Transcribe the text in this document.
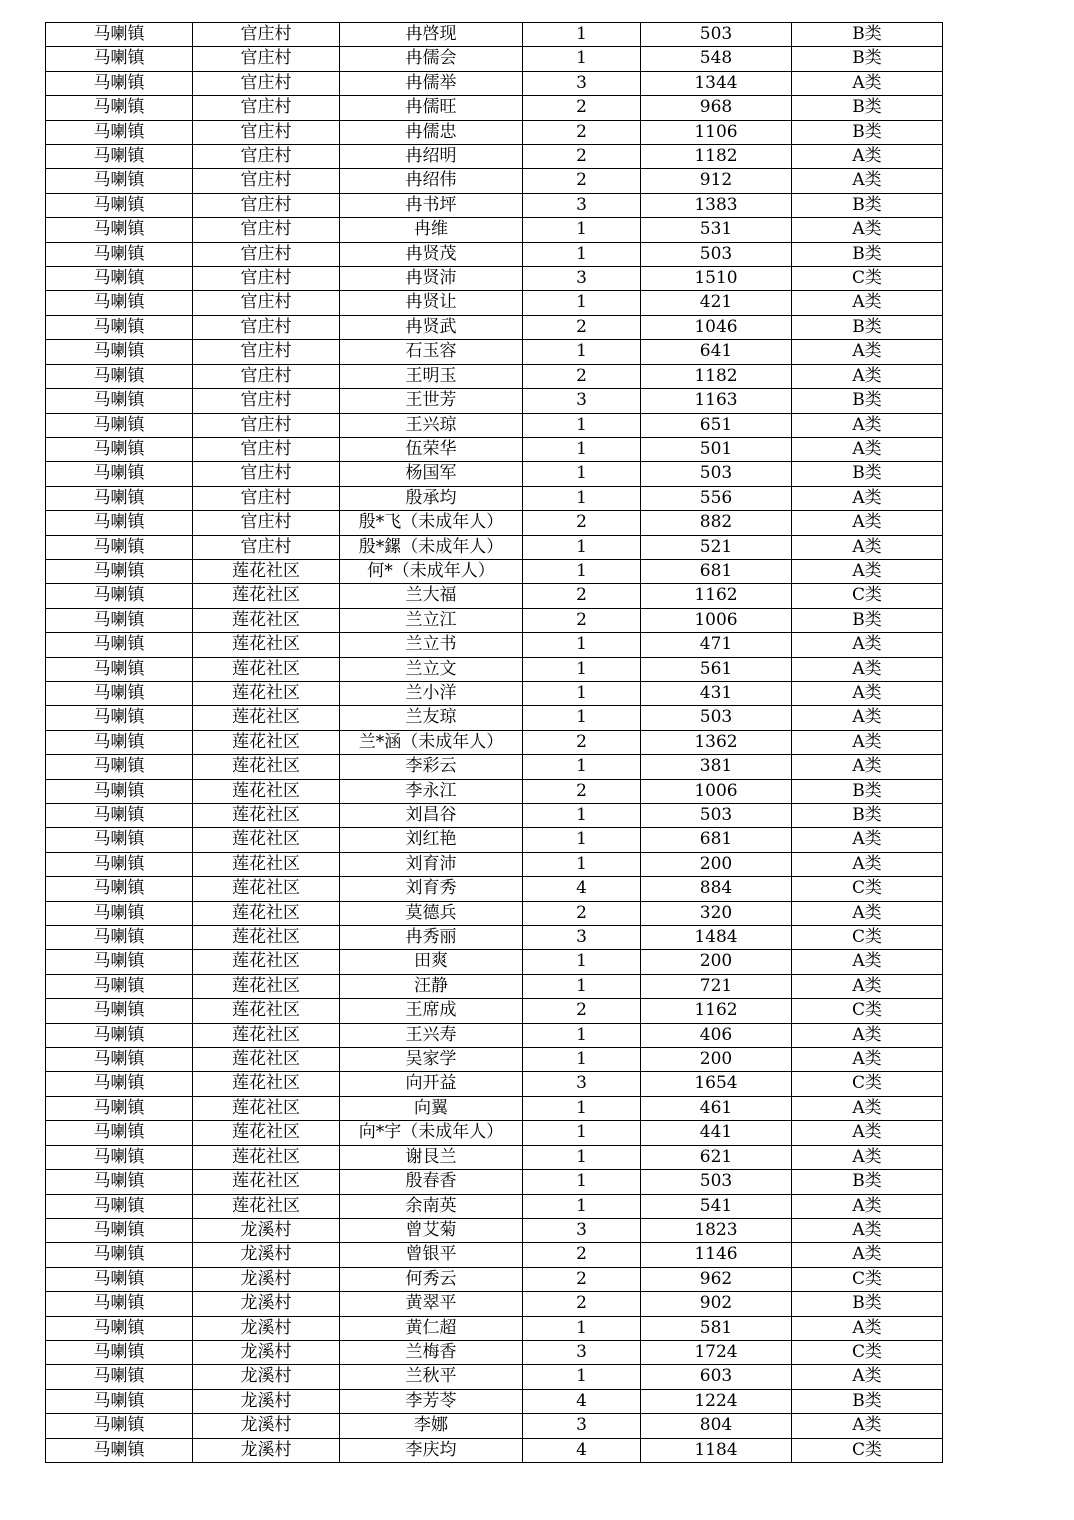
马喇镇	官庄村	冉啓现	1	503	B类
马喇镇	官庄村	冉儒会	1	548	B类
马喇镇	官庄村	冉儒举	3	1344	A类
马喇镇	官庄村	冉儒旺	2	968	B类
马喇镇	官庄村	冉儒忠	2	1106	B类
马喇镇	官庄村	冉绍明	2	1182	A类
马喇镇	官庄村	冉绍伟	2	912	A类
马喇镇	官庄村	冉书坪	3	1383	B类
马喇镇	官庄村	冉维	1	531	A类
马喇镇	官庄村	冉贤茂	1	503	B类
马喇镇	官庄村	冉贤沛	3	1510	C类
马喇镇	官庄村	冉贤让	1	421	A类
马喇镇	官庄村	冉贤武	2	1046	B类
马喇镇	官庄村	石玉容	1	641	A类
马喇镇	官庄村	王明玉	2	1182	A类
马喇镇	官庄村	王世芳	3	1163	B类
马喇镇	官庄村	王兴琼	1	651	A类
马喇镇	官庄村	伍荣华	1	501	A类
马喇镇	官庄村	杨国军	1	503	B类
马喇镇	官庄村	殷承均	1	556	A类
马喇镇	官庄村	殷*飞（未成年人）	2	882	A类
马喇镇	官庄村	殷*鏍（未成年人）	1	521	A类
马喇镇	莲花社区	何*（未成年人）	1	681	A类
马喇镇	莲花社区	兰大福	2	1162	C类
马喇镇	莲花社区	兰立江	2	1006	B类
马喇镇	莲花社区	兰立书	1	471	A类
马喇镇	莲花社区	兰立文	1	561	A类
马喇镇	莲花社区	兰小洋	1	431	A类
马喇镇	莲花社区	兰友琼	1	503	A类
马喇镇	莲花社区	兰*涵（未成年人）	2	1362	A类
马喇镇	莲花社区	李彩云	1	381	A类
马喇镇	莲花社区	李永江	2	1006	B类
马喇镇	莲花社区	刘昌谷	1	503	B类
马喇镇	莲花社区	刘红艳	1	681	A类
马喇镇	莲花社区	刘育沛	1	200	A类
马喇镇	莲花社区	刘育秀	4	884	C类
马喇镇	莲花社区	莫德兵	2	320	A类
马喇镇	莲花社区	冉秀丽	3	1484	C类
马喇镇	莲花社区	田爽	1	200	A类
马喇镇	莲花社区	汪静	1	721	A类
马喇镇	莲花社区	王席成	2	1162	C类
马喇镇	莲花社区	王兴寿	1	406	A类
马喇镇	莲花社区	吴家学	1	200	A类
马喇镇	莲花社区	向开益	3	1654	C类
马喇镇	莲花社区	向翼	1	461	A类
马喇镇	莲花社区	向*宇（未成年人）	1	441	A类
马喇镇	莲花社区	谢艮兰	1	621	A类
马喇镇	莲花社区	殷春香	1	503	B类
马喇镇	莲花社区	余南英	1	541	A类
马喇镇	龙溪村	曾艾菊	3	1823	A类
马喇镇	龙溪村	曾银平	2	1146	A类
马喇镇	龙溪村	何秀云	2	962	C类
马喇镇	龙溪村	黄翠平	2	902	B类
马喇镇	龙溪村	黄仁超	1	581	A类
马喇镇	龙溪村	兰梅香	3	1724	C类
马喇镇	龙溪村	兰秋平	1	603	A类
马喇镇	龙溪村	李芳苓	4	1224	B类
马喇镇	龙溪村	李娜	3	804	A类
马喇镇	龙溪村	李庆均	4	1184	C类
